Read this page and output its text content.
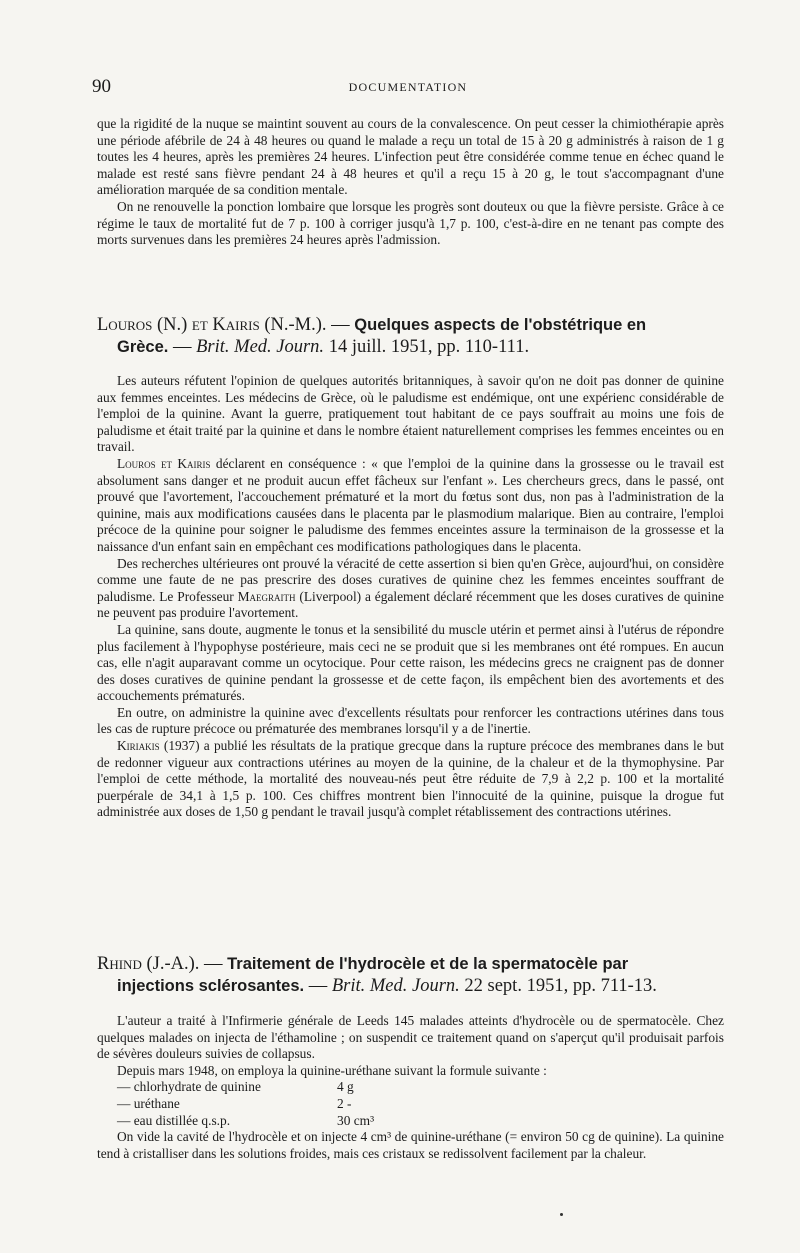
90	DOCUMENTATION

que la rigidité de la nuque se maintint souvent au cours de la convalescence. On peut cesser la chimiothérapie après une période afébrile de 24 à 48 heures ou quand le malade a reçu un total de 15 à 20 g administrés à raison de 1 g toutes les 4 heures, après les premières 24 heures. L'infection peut être considérée comme tenue en échec quand le malade est resté sans fièvre pendant 24 à 48 heures et qu'il a reçu 15 à 20 g, le tout s'accompagnant d'une amélioration marquée de sa condition mentale.

On ne renouvelle la ponction lombaire que lorsque les progrès sont douteux ou que la fièvre persiste. Grâce à ce régime le taux de mortalité fut de 7 p. 100 à corriger jusqu'à 1,7 p. 100, c'est-à-dire en ne tenant pas compte des morts survenues dans les premières 24 heures après l'admission.

Louros (N.) et Kairis (N.-M.). — Quelques aspects de l'obstétrique en
Grèce. — Brit. Med. Journ. 14 juill. 1951, pp. 110-111.

Les auteurs réfutent l'opinion de quelques autorités britanniques, à savoir qu'on ne doit pas donner de quinine aux femmes enceintes. Les médecins de Grèce, où le paludisme est endémique, ont une expérienc considérable de l'emploi de la quinine. Avant la guerre, pratiquement tout habitant de ce pays souffrait au moins une fois de paludisme et était traité par la quinine et dans le nombre étaient naturellement comprises les femmes enceintes ou en travail.

Louros et Kairis déclarent en conséquence : « que l'emploi de la quinine dans la grossesse ou le travail est absolument sans danger et ne produit aucun effet fâcheux sur l'enfant ». Les chercheurs grecs, dans le passé, ont prouvé que l'avortement, l'accouchement prématuré et la mort du fœtus sont dus, non pas à l'administration de la quinine, mais aux modifications causées dans le placenta par le plasmodium malarique. Bien au contraire, l'emploi précoce de la quinine pour soigner le paludisme des femmes enceintes assure la terminaison de la grossesse et la naissance d'un enfant sain en empêchant ces modifications pathologiques dans le placenta.

Des recherches ultérieures ont prouvé la véracité de cette assertion si bien qu'en Grèce, aujourd'hui, on considère comme une faute de ne pas prescrire des doses curatives de quinine chez les femmes enceintes souffrant de paludisme. Le Professeur Maegraith (Liverpool) a également déclaré récemment que les doses curatives de quinine ne peuvent pas produire l'avortement.

La quinine, sans doute, augmente le tonus et la sensibilité du muscle utérin et permet ainsi à l'utérus de répondre plus facilement à l'hypophyse postérieure, mais ceci ne se produit que si les membranes ont été rompues. En aucun cas, elle n'agit auparavant comme un ocytocique. Pour cette raison, les médecins grecs ne craignent pas de donner des doses curatives de quinine pendant la grossesse et de cette façon, ils empêchent bien des avortements et des accouchements prématurés.

En outre, on administre la quinine avec d'excellents résultats pour renforcer les contractions utérines dans tous les cas de rupture précoce ou prématurée des membranes lorsqu'il y a de l'inertie.

Kiriakis (1937) a publié les résultats de la pratique grecque dans la rupture précoce des membranes dans le but de redonner vigueur aux contractions utérines au moyen de la quinine, de la chaleur et de la thymophysine. Par l'emploi de cette méthode, la mortalité des nouveau-nés peut être réduite de 7,9 à 2,2 p. 100 et la mortalité puerpérale de 34,1 à 1,5 p. 100. Ces chiffres montrent bien l'innocuité de la quinine, puisque la drogue fut administrée aux doses de 1,50 g pendant le travail jusqu'à complet rétablissement des contractions utérines.

Rhind (J.-A.). — Traitement de l'hydrocèle et de la spermatocèle par
injections sclérosantes. — Brit. Med. Journ. 22 sept. 1951, pp. 711-13.

L'auteur a traité à l'Infirmerie générale de Leeds 145 malades atteints d'hydrocèle ou de spermatocèle. Chez quelques malades on injecta de l'éthamoline ; on suspendit ce traitement quand on s'aperçut qu'il produisait parfois de sévères douleurs suivies de collapsus.

Depuis mars 1948, on employa la quinine-uréthane suivant la formule suivante :

— chlorhydrate de quinine	4 g
— uréthane	2 -
— eau distillée q.s.p.	30 cm³

On vide la cavité de l'hydrocèle et on injecte 4 cm³ de quinine-uréthane (= environ 50 cg de quinine). La quinine tend à cristalliser dans les solutions froides, mais ces cristaux se redissolvent facilement par la chaleur.
